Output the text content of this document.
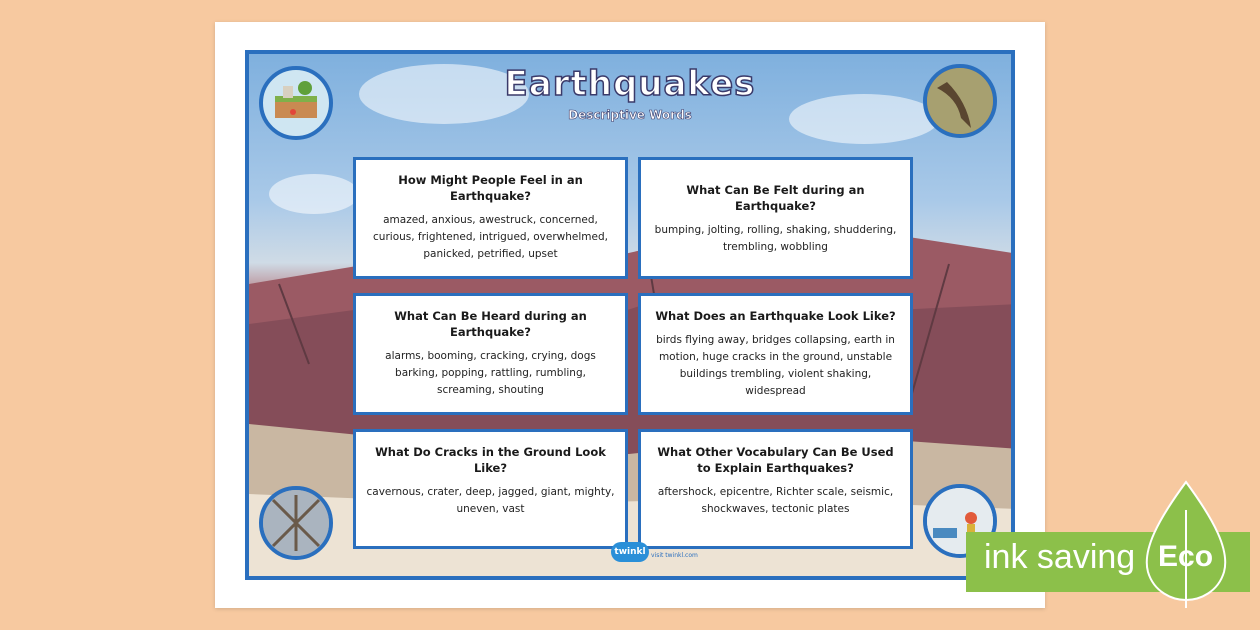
Earthquakes
Descriptive Words
How Might People Feel in an Earthquake?

amazed, anxious, awestruck, concerned, curious, frightened, intrigued, overwhelmed, panicked, petrified, upset

What Can Be Felt during an Earthquake?

bumping, jolting, rolling, shaking, shuddering, trembling, wobbling

What Can Be Heard during an Earthquake?

alarms, booming, cracking, crying, dogs barking, popping, rattling, rumbling, screaming, shouting

What Does an Earthquake Look Like?

birds flying away, bridges collapsing, earth in motion, huge cracks in the ground, unstable buildings trembling, violent shaking, widespread

What Do Cracks in the Ground Look Like?

cavernous, crater, deep, jagged, giant, mighty, uneven, vast

What Other Vocabulary Can Be Used to Explain Earthquakes?

aftershock, epicentre, Richter scale, seismic, shockwaves, tectonic plates

twinkl visit twinkl.com	ink saving Eco
